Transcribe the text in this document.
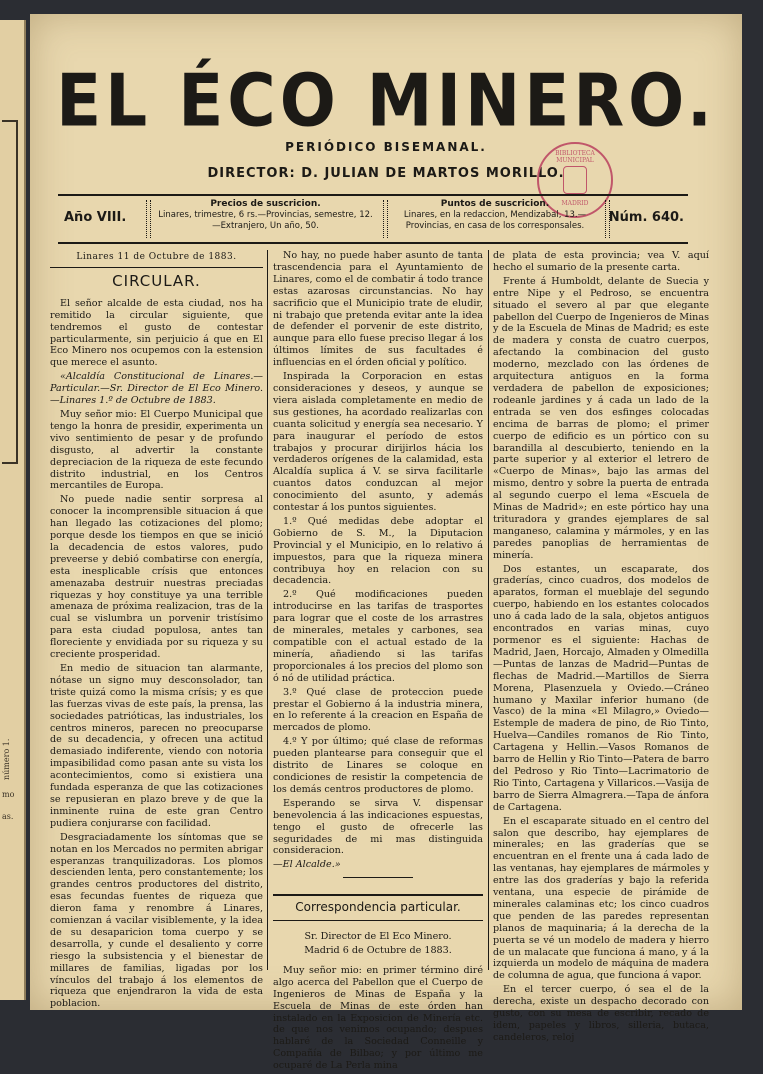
número 1.
mo
as.
EL ÉCO MINERO.
PERIÓDICO BISEMANAL.
DIRECTOR: D. JULIAN DE MARTOS MORILLO.
BIBLIOTECA MUNICIPAL
MADRID
Año VIII.
Precios de suscricion.
Linares, trimestre, 6 rs.—Provincias, semestre, 12.—Extranjero, Un año, 50.
Puntos de suscricion.
Linares, en la redaccion, Mendizabal, 13.—Provincias, en casa de los corresponsales.
Núm. 640.
Linares 11 de Octubre de 1883.
CIRCULAR.

El señor alcalde de esta ciudad, nos ha remitido la circular siguiente, que tendremos el gusto de contestar particularmente, sin perjuicio á que en El Eco Minero nos ocupemos con la estension que merece el asunto.

«Alcaldía Constitucional de Linares.—Particular.—Sr. Director de El Eco Minero.—Linares 1.º de Octubre de 1883.

Muy señor mio: El Cuerpo Municipal que tengo la honra de presidir, experimenta un vivo sentimiento de pesar y de profundo disgusto, al advertir la constante depreciacion de la riqueza de este fecundo distrito industrial, en los Centros mercantiles de Europa.

No puede nadie sentir sorpresa al conocer la incomprensible situacion á que han llegado las cotizaciones del plomo; porque desde los tiempos en que se inició la decadencia de estos valores, pudo preveerse y debió combatirse con energía, esta inesplicable crísis que entonces amenazaba destruir nuestras preciadas riquezas y hoy constituye ya una terrible amenaza de próxima realizacion, tras de la cual se vislumbra un porvenir tristísimo para esta ciudad populosa, antes tan floreciente y envidiada por su riqueza y su creciente prosperidad.

En medio de situacion tan alarmante, nótase un signo muy desconsolador, tan triste quizá como la misma crísis; y es que las fuerzas vivas de este país, la prensa, las sociedades patrióticas, las industriales, los centros mineros, parecen no preocuparse de su decadencia, y ofrecen una actitud demasiado indiferente, viendo con notoria impasibilidad como pasan ante su vista los acontecimientos, como si existiera una fundada esperanza de que las cotizaciones se repusieran en plazo breve y de que la inminente ruina de este gran Centro pudiera conjurarse con facilidad.

Desgraciadamente los síntomas que se notan en los Mercados no permiten abrigar esperanzas tranquilizadoras. Los plomos descienden lenta, pero constantemente; los grandes centros productores del distrito, esas fecundas fuentes de riqueza que dieron fama y renombre á Linares, comienzan á vacilar visiblemente, y la idea de su desaparicion toma cuerpo y se desarrolla, y cunde el desaliento y corre riesgo la subsistencia y el bienestar de millares de familias, ligadas por los vínculos del trabajo á los elementos de riqueza que enjendraron la vida de esta poblacion.

No hay, no puede haber asunto de tanta trascendencia para el Ayuntamiento de Linares, como el de combatir á todo trance estas azarosas circunstancias. No hay sacrificio que el Municipio trate de eludir, ni trabajo que pretenda evitar ante la idea de defender el porvenir de este distrito, aunque para ello fuese preciso llegar á los últimos límites de sus facultades é influencias en el órden oficial y político.

Inspirada la Corporacion en estas consideraciones y deseos, y aunque se viera aislada completamente en medio de sus gestiones, ha acordado realizarlas con cuanta solicitud y energía sea necesario. Y para inaugurar el período de estos trabajos y procurar dirijirlos hácia los verdaderos orígenes de la calamidad, esta Alcaldía suplica á V. se sirva facilitarle cuantos datos conduzcan al mejor conocimiento del asunto, y además contestar á los puntos siguientes.

1.º Qué medidas debe adoptar el Gobierno de S. M., la Diputacion Provincial y el Municipio, en lo relativo á impuestos, para que la riqueza minera contribuya hoy en relacion con su decadencia.

2.º Qué modificaciones pueden introducirse en las tarifas de trasportes para lograr que el coste de los arrastres de minerales, metales y carbones, sea compatible con el actual estado de la minería, añadiendo si las tarifas proporcionales á los precios del plomo son ó nó de utilidad práctica.

3.º Qué clase de proteccion puede prestar el Gobierno á la industria minera, en lo referente á la creacion en España de mercados de plomo.

4.º Y por último; qué clase de reformas pueden plantearse para conseguir que el distrito de Linares se coloque en condiciones de resistir la competencia de los demás centros productores de plomo.

Esperando se sirva V. dispensar benevolencia á las indicaciones espuestas, tengo el gusto de ofrecerle las seguridades de mi mas distinguida consideracion.

—El Alcalde.»

Correspondencia particular.

Sr. Director de El Eco Minero.

Madrid 6 de Octubre de 1883.

Muy señor mio: en primer término diré algo acerca del Pabellon que el Cuerpo de Ingenieros de Minas de España y la Escuela de Minas de este órden han instalado en la Exposicion de Minería etc. de que nos venimos ocupando; despues hablaré de la Sociedad Conneille y Compañía de Bilbao; y por último me ocuparé de La Perla mina

de plata de esta provincia; vea V. aquí hecho el sumario de la presente carta.

Frente á Humboldt, delante de Suecia y entre Nipe y el Pedroso, se encuentra situado el severo al par que elegante pabellon del Cuerpo de Ingenieros de Minas y de la Escuela de Minas de Madrid; es este de madera y consta de cuatro cuerpos, afectando la combinacion del gusto moderno, mezclado con las órdenes de arquitectura antiguos en la forma verdadera de pabellon de exposiciones; rodeanle jardines y á cada un lado de la entrada se ven dos esfinges colocadas encima de barras de plomo; el primer cuerpo de edificio es un pórtico con su barandilla al descubierto, teniendo en la parte superior y al exterior el letrero de «Cuerpo de Minas», bajo las armas del mismo, dentro y sobre la puerta de entrada al segundo cuerpo el lema «Escuela de Minas de Madrid»; en este pórtico hay una trituradora y grandes ejemplares de sal manganeso, calamina y mármoles, y en las paredes panoplias de herramientas de minería.

Dos estantes, un escaparate, dos graderías, cinco cuadros, dos modelos de aparatos, forman el mueblaje del segundo cuerpo, habiendo en los estantes colocados uno á cada lado de la sala, objetos antiguos encontrados en varias minas, cuyo pormenor es el siguiente: Hachas de Madrid, Jaen, Horcajo, Almaden y Olmedilla—Puntas de lanzas de Madrid—Puntas de flechas de Madrid.—Martillos de Sierra Morena, Plasenzuela y Oviedo.—Cráneo humano y Maxilar inferior humano (de Vasco) de la mina «El Milagro,» Oviedo—Estemple de madera de pino, de Rio Tinto, Huelva—Candiles romanos de Rio Tinto, Cartagena y Hellin.—Vasos Romanos de barro de Hellin y Rio Tinto—Patera de barro del Pedroso y Rio Tinto—Lacrimatorio de Rio Tinto, Cartagena y Villaricos.—Vasija de barro de Sierra Almagrera.—Tapa de ánfora de Cartagena.

En el escaparate situado en el centro del salon que describo, hay ejemplares de minerales; en las graderías que se encuentran en el frente una á cada lado de las ventanas, hay ejemplares de mármoles y entre las dos graderías y bajo la referida ventana, una especie de pirámide de minerales calaminas etc; los cinco cuadros que penden de las paredes representan planos de maquinaria; á la derecha de la puerta se vé un modelo de madera y hierro de un malacate que funciona á mano, y á la izquierda un modelo de máquina de madera de columna de agua, que funciona á vapor.

En el tercer cuerpo, ó sea el de la derecha, existe un despacho decorado con gusto, con su mesa de escribir, recado de idem, papeles y libros, silleria, butaca, candeleros, reloj
